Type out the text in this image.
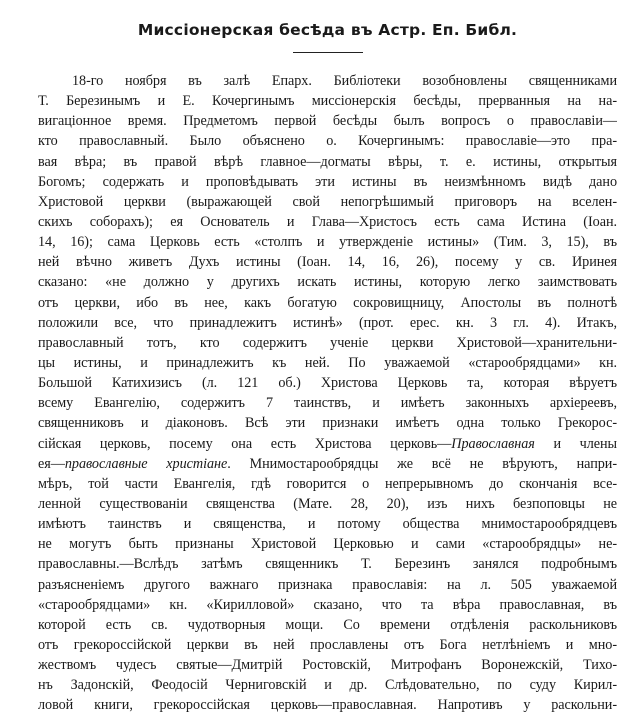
Миссiонерская бесѣда въ Астр. Еп. Библ.
18-го ноября въ залѣ Епарх. Библiотеки возобновлены священниками
Т. Березинымъ и Е. Кочергинымъ миссiонерскiя бесѣды, прерванныя на на-
вигацiонное время. Предметомъ первой бесѣды былъ вопросъ о православiи—
кто православный. Было объяснено о. Кочергинымъ: православiе—это пра-
вая вѣра; въ правой вѣрѣ главное—догматы вѣры, т. е. истины, открытыя
Богомъ; содержать и проповѣдывать эти истины въ неизмѣнномъ видѣ дано
Христовой церкви (выражающей свой непогрѣшимый приговоръ на вселен-
скихъ соборахъ); ея Основатель и Глава—Христосъ есть сама Истина (Iоан.
14, 16); сама Церковь есть «столпъ и утвержденiе истины» (Тим. 3, 15), въ
ней вѣчно живетъ Духъ истины (Iоан. 14, 16, 26), посему у св. Иринея
сказано: «не должно у другихъ искать истины, которую легко заимствовать
отъ церкви, ибо въ нее, какъ богатую сокровищницу, Апостолы въ полнотѣ
положили все, что принадлежитъ истинѣ» (прот. ерес. кн. 3 гл. 4). Итакъ,
православный тотъ, кто содержитъ ученiе церкви Христовой—хранительни-
цы истины, и принадлежитъ къ ней. По уважаемой «старообрядцами» кн.
Большой Катихизисъ (л. 121 об.) Христова Церковь та, которая вѣруетъ
всему Евангелiю, содержитъ 7 таинствъ, и имѣетъ законныхъ архiереевъ,
священниковъ и дiаконовъ. Всѣ эти признаки имѣетъ одна только Грекорос-
сiйская церковь, посему она есть Христова церковь—Православная и члены
ея—православные христiане. Мнимостарообрядцы же всё не вѣруютъ, напри-
мѣръ, той части Евангелiя, гдѣ говорится о непрерывномъ до скончанiя все-
ленной существованiи священства (Мате. 28, 20), изъ нихъ безпоповцы не
имѣютъ таинствъ и священства, и потому общества мнимостарообрядцевъ
не могутъ быть признаны Христовой Церковью и сами «старообрядцы» не-
православны.—Вслѣдъ затѣмъ священникъ Т. Березинъ занялся подробнымъ
разъясненiемъ другого важнаго признака православiя: на л. 505 уважаемой
«старообрядцами» кн. «Кирилловой» сказано, что та вѣра православная, въ
которой есть св. чудотворныя мощи. Со времени отдѣленiя раскольниковъ
отъ грекороссiйской церкви въ ней прославлены отъ Бога нетлѣнiемъ и мно-
жествомъ чудесъ святые—Дмитрiй Ростовскiй, Митрофанъ Воронежскiй, Тихо-
нъ Задонскiй, Феодосiй Черниговскiй и др. Слѣдовательно, по суду Кирил-
ловой книги, грекороссiйская церковь—православная. Напротивъ у раскольни-
